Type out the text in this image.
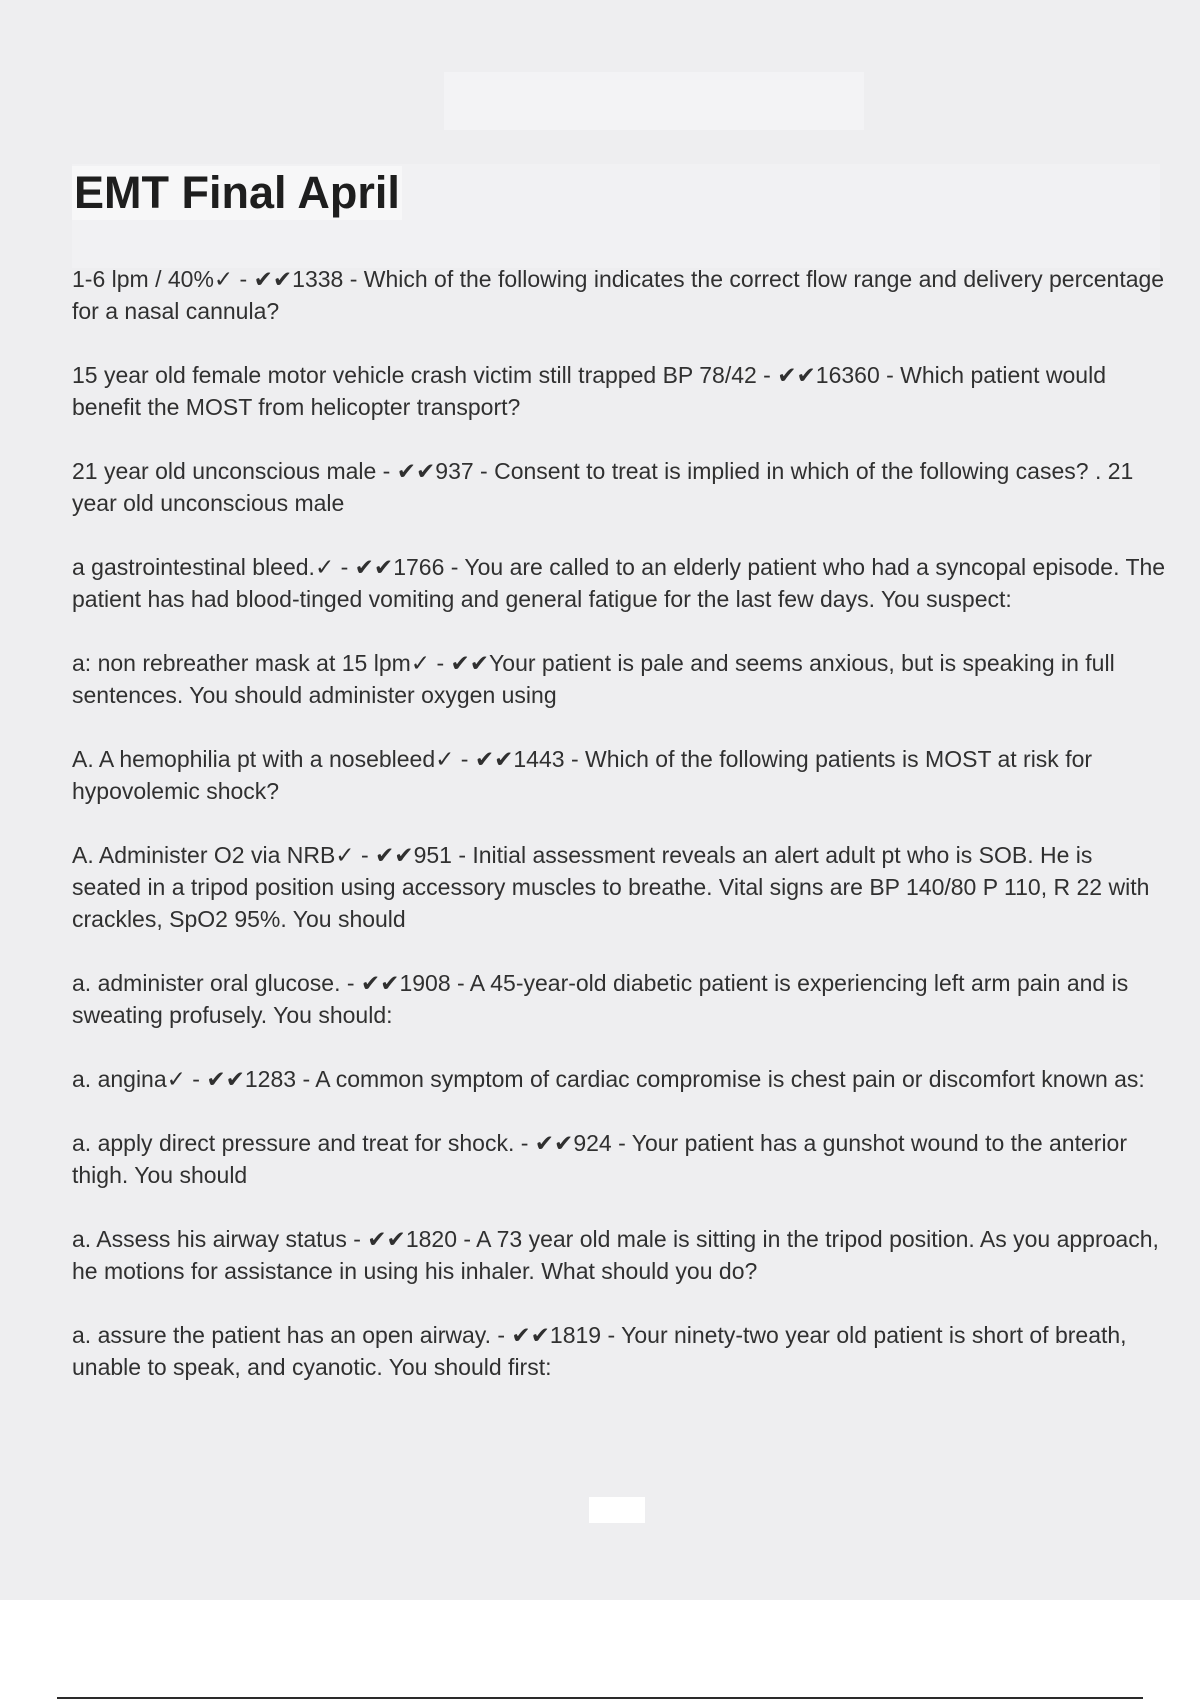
EMT Final April

1-6 lpm / 40%✓ - ✔✔1338 - Which of the following indicates the correct flow range and delivery percentage for a nasal cannula?

15 year old female motor vehicle crash victim still trapped BP 78/42 - ✔✔16360 - Which patient would benefit the MOST from helicopter transport?

21 year old unconscious male - ✔✔937 - Consent to treat is implied in which of the following cases? . 21 year old unconscious male

a gastrointestinal bleed.✓ - ✔✔1766 - You are called to an elderly patient who had a syncopal episode. The patient has had blood-tinged vomiting and general fatigue for the last few days. You suspect:

a: non rebreather mask at 15 lpm✓ - ✔✔Your patient is pale and seems anxious, but is speaking in full sentences. You should administer oxygen using

A. A hemophilia pt with a nosebleed✓ - ✔✔1443 - Which of the following patients is MOST at risk for hypovolemic shock?

A. Administer O2 via NRB✓ - ✔✔951 - Initial assessment reveals an alert adult pt who is SOB. He is seated in a tripod position using accessory muscles to breathe. Vital signs are BP 140/80 P 110, R 22 with crackles, SpO2 95%. You should

a. administer oral glucose. - ✔✔1908 - A 45-year-old diabetic patient is experiencing left arm pain and is sweating profusely. You should:

a. angina✓ - ✔✔1283 - A common symptom of cardiac compromise is chest pain or discomfort known as:

a. apply direct pressure and treat for shock. - ✔✔924 - Your patient has a gunshot wound to the anterior thigh. You should

a. Assess his airway status - ✔✔1820 - A 73 year old male is sitting in the tripod position. As you approach, he motions for assistance in using his inhaler. What should you do?

a. assure the patient has an open airway. - ✔✔1819 - Your ninety-two year old patient is short of breath, unable to speak, and cyanotic. You should first:
